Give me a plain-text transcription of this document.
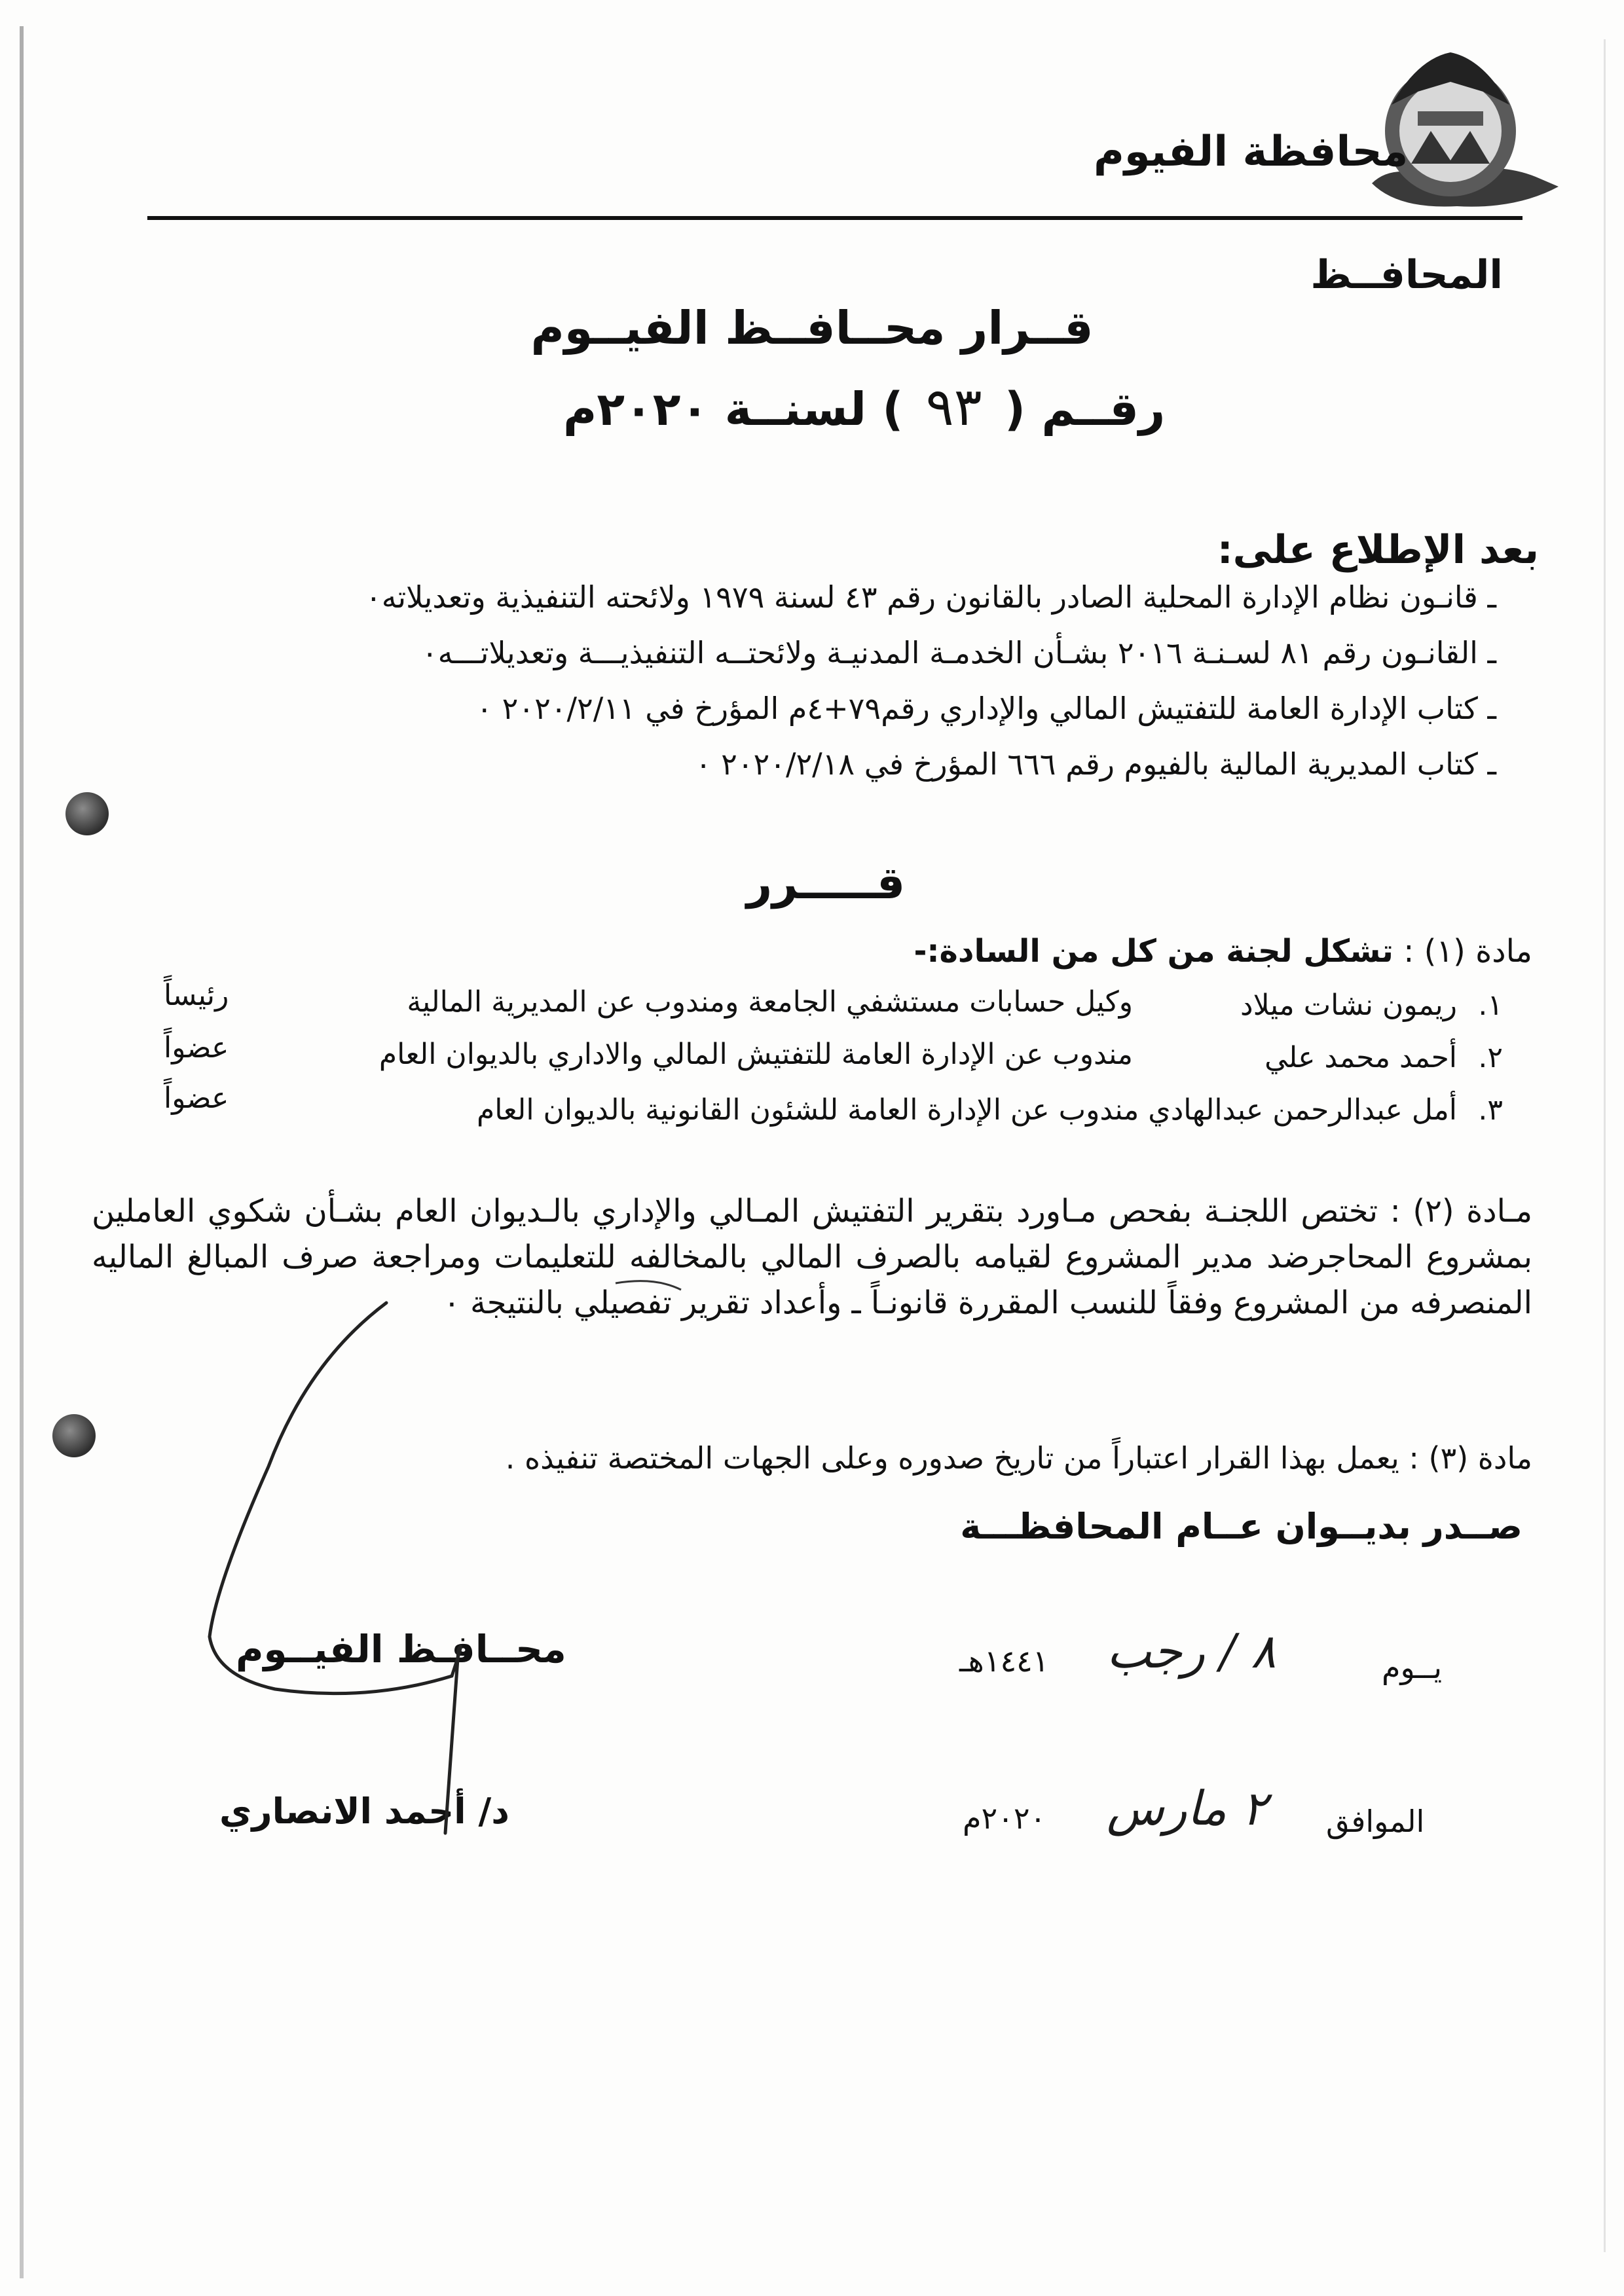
محافظة الفيوم
المحافــظ
قــرار محــافــظ الفيــوم
رقــم ( ٩٣ ) لسنــة ٢٠٢٠م
بعد الإطلاع على:
ـ قانـون نظام الإدارة المحلية الصادر بالقانون رقم ٤٣ لسنة ١٩٧٩ ولائحته التنفيذية وتعديلاته٠
ـ القانـون رقم ٨١ لسـنـة ٢٠١٦ بشـأن الخدمـة المدنيـة ولائحتــه التنفيذيـــة وتعديلاتـــه٠
ـ كتاب الإدارة العامة للتفتيش المالي والإداري رقم٧٩+٤م المؤرخ في ٢٠٢٠/٢/١١ ٠
ـ كتاب المديرية المالية بالفيوم رقم ٦٦٦ المؤرخ في ٢٠٢٠/٢/١٨ ٠
قـــــرر
مادة (١) : تشكل لجنة من كل من السادة:-
١.
ريمون نشات ميلاد
وكيل حسابات مستشفي الجامعة ومندوب عن المديرية المالية
رئيساً
٢.
أحمد محمد علي
مندوب عن الإدارة العامة للتفتيش المالي والاداري بالديوان العام
عضواً
٣.
أمل عبدالرحمن عبدالهادي مندوب عن الإدارة العامة للشئون القانونية بالديوان العام
عضواً
مـادة (٢) : تختص اللجنـة بفحص مـاورد بتقرير التفتيش المـالي والإداري بالـديوان العام بشـأن شكوي العاملين بمشروع المحاجرضد مدير المشروع لقيامه بالصرف المالي بالمخالفه للتعليمات ومراجعة صرف المبالغ الماليه المنصرفه من المشروع وفقاً للنسب المقررة قانونـاً ـ وأعداد تقرير تفصيلي بالنتيجة ٠
مادة (٣) : يعمل بهذا القرار اعتباراً من تاريخ صدوره وعلى الجهات المختصة تنفيذه .
صــدر بديــوان عــام المحافظـــة
يــوم
٨ / رجب
١٤٤١هـ
الموافق
٢ مارس
٢٠٢٠م
محــافـظ الفيــوم
د/ أحمد الانصاري
